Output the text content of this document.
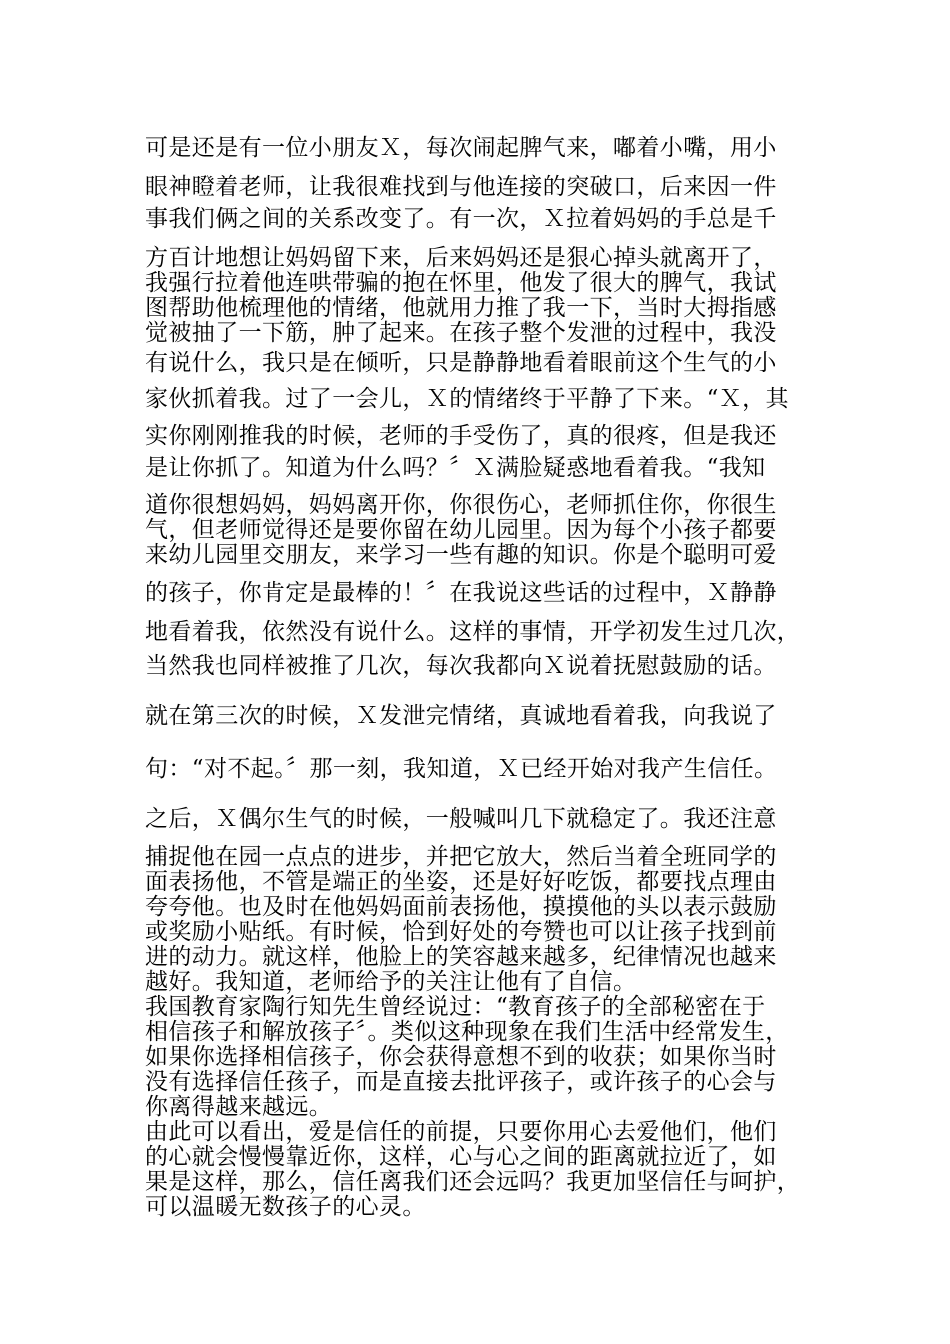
可是还是有一位小朋友Ｘ，每次闹起脾气来，嘟着小嘴，用小

眼神瞪着老师，让我很难找到与他连接的突破口，后来因一件

事我们俩之间的关系改变了。有一次，Ｘ拉着妈妈的手总是千

方百计地想让妈妈留下来，后来妈妈还是狠心掉头就离开了，

我强行拉着他连哄带骗的抱在怀里，他发了很大的脾气，我试

图帮助他梳理他的情绪，他就用力推了我一下，当时大拇指感

觉被抽了一下筋，肿了起来。在孩子整个发泄的过程中，我没

有说什么，我只是在倾听，只是静静地看着眼前这个生气的小

家伙抓着我。过了一会儿，Ｘ的情绪终于平静了下来。“Ｘ，其

实你刚刚推我的时候，老师的手受伤了，真的很疼，但是我还

是让你抓了。知道为什么吗？〞Ｘ满脸疑惑地看着我。“我知

道你很想妈妈，妈妈离开你，你很伤心，老师抓住你，你很生

气，但老师觉得还是要你留在幼儿园里。因为每个小孩子都要

来幼儿园里交朋友，来学习一些有趣的知识。你是个聪明可爱

的孩子，你肯定是最棒的！〞在我说这些话的过程中，Ｘ静静

地看着我，依然没有说什么。这样的事情，开学初发生过几次，

当然我也同样被推了几次，每次我都向Ｘ说着抚慰鼓励的话。

就在第三次的时候，Ｘ发泄完情绪，真诚地看着我，向我说了

句：“对不起。〞那一刻，我知道，Ｘ已经开始对我产生信任。

之后，Ｘ偶尔生气的时候，一般喊叫几下就稳定了。我还注意

捕捉他在园一点点的进步，并把它放大，然后当着全班同学的

面表扬他，不管是端正的坐姿，还是好好吃饭，都要找点理由

夸夸他。也及时在他妈妈面前表扬他，摸摸他的头以表示鼓励

或奖励小贴纸。有时候，恰到好处的夸赞也可以让孩子找到前

进的动力。就这样，他脸上的笑容越来越多，纪律情况也越来

越好。我知道，老师给予的关注让他有了自信。

我国教育家陶行知先生曾经说过：“教育孩子的全部秘密在于

相信孩子和解放孩子〞。类似这种现象在我们生活中经常发生，

如果你选择相信孩子，你会获得意想不到的收获；如果你当时

没有选择信任孩子，而是直接去批评孩子，或许孩子的心会与

你离得越来越远。

由此可以看出，爱是信任的前提，只要你用心去爱他们，他们

的心就会慢慢靠近你，这样，心与心之间的距离就拉近了，如

果是这样，那么，信任离我们还会远吗？我更加坚信任与呵护，

可以温暖无数孩子的心灵。
